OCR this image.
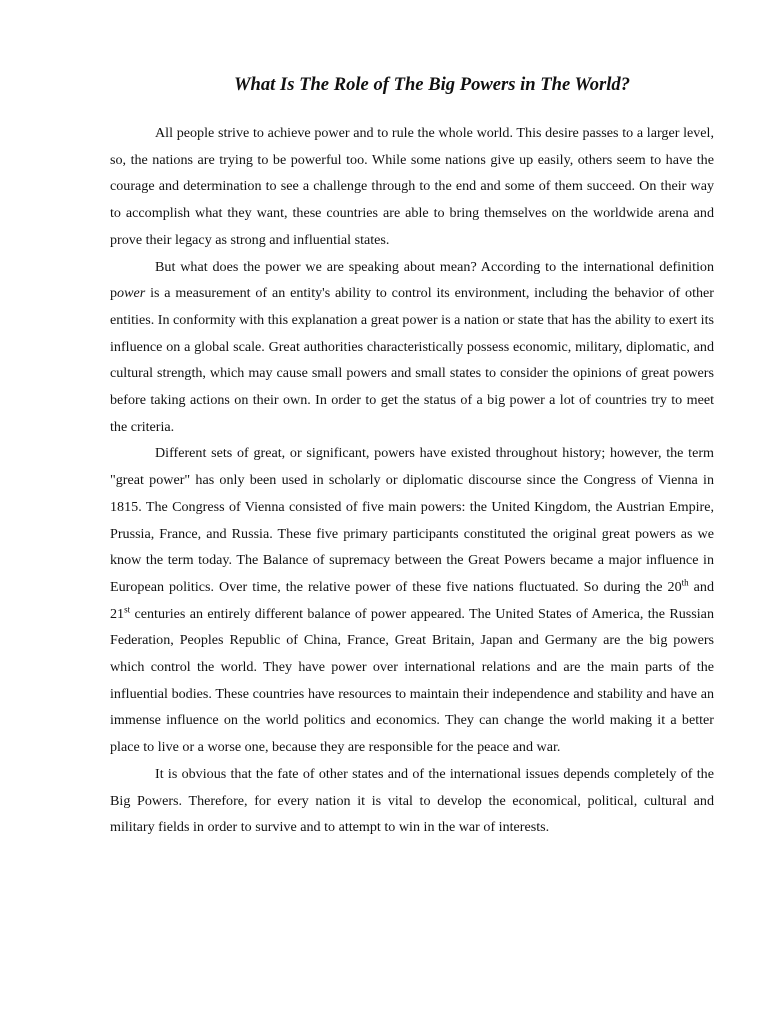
What Is The Role of The Big Powers in The World?

All people strive to achieve power and to rule the whole world. This desire passes to a larger level, so, the nations are trying to be powerful too. While some nations give up easily, others seem to have the courage and determination to see a challenge through to the end and some of them succeed. On their way to accomplish what they want, these countries are able to bring themselves on the worldwide arena and prove their legacy as strong and influential states.

But what does the power we are speaking about mean? According to the international definition power is a measurement of an entity's ability to control its environment, including the behavior of other entities. In conformity with this explanation a great power is a nation or state that has the ability to exert its influence on a global scale. Great authorities characteristically possess economic, military, diplomatic, and cultural strength, which may cause small powers and small states to consider the opinions of great powers before taking actions on their own. In order to get the status of a big power a lot of countries try to meet the criteria.

Different sets of great, or significant, powers have existed throughout history; however, the term "great power" has only been used in scholarly or diplomatic discourse since the Congress of Vienna in 1815. The Congress of Vienna consisted of five main powers: the United Kingdom, the Austrian Empire, Prussia, France, and Russia. These five primary participants constituted the original great powers as we know the term today. The Balance of supremacy between the Great Powers became a major influence in European politics. Over time, the relative power of these five nations fluctuated. So during the 20th and 21st centuries an entirely different balance of power appeared. The United States of America, the Russian Federation, Peoples Republic of China, France, Great Britain, Japan and Germany are the big powers which control the world. They have power over international relations and are the main parts of the influential bodies. These countries have resources to maintain their independence and stability and have an immense influence on the world politics and economics. They can change the world making it a better place to live or a worse one, because they are responsible for the peace and war.

It is obvious that the fate of other states and of the international issues depends completely of the Big Powers. Therefore, for every nation it is vital to develop the economical, political, cultural and military fields in order to survive and to attempt to win in the war of interests.
